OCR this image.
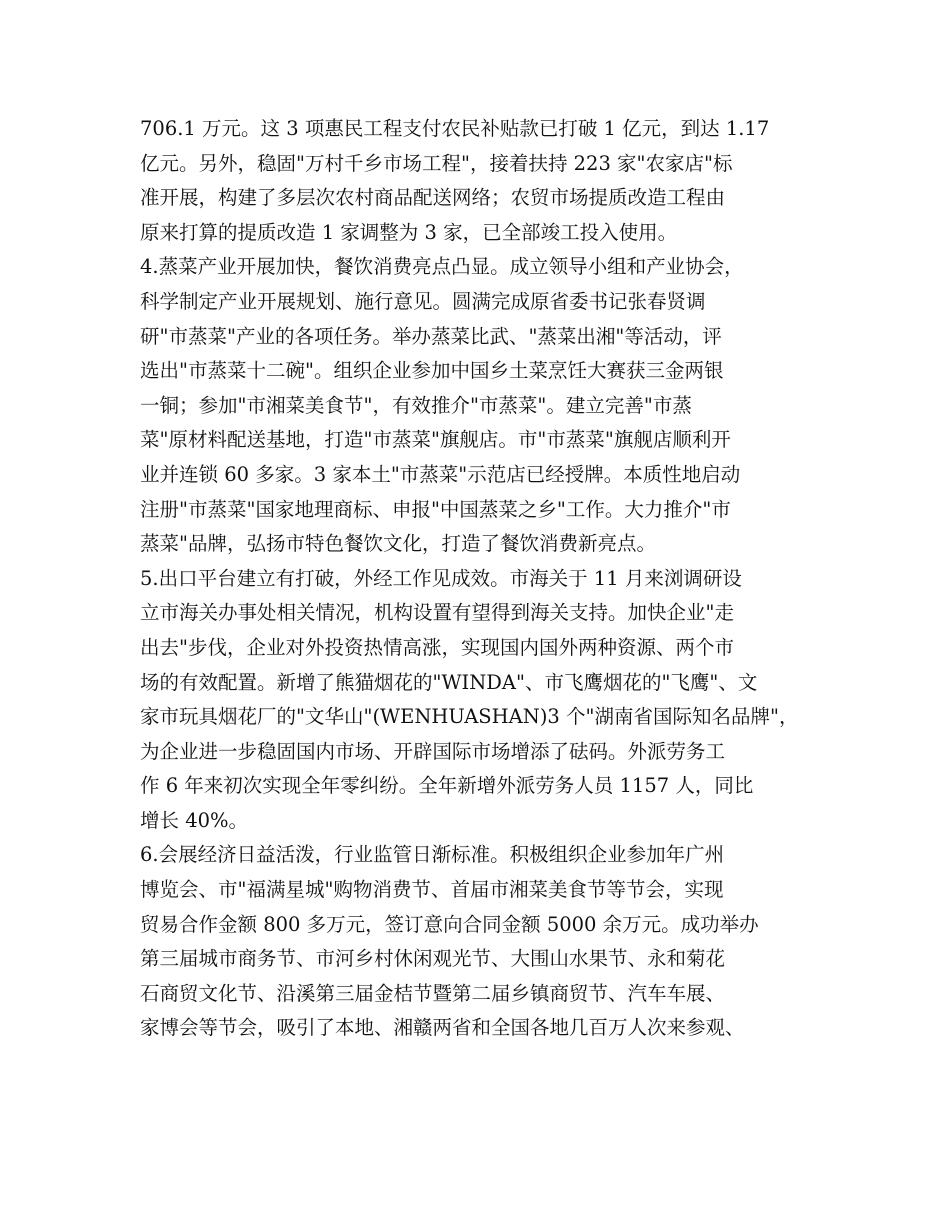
706.1 万元。这 3 项惠民工程支付农民补贴款已打破 1 亿元，到达 1.17
亿元。另外，稳固"万村千乡市场工程"，接着扶持 223 家"农家店"标
准开展，构建了多层次农村商品配送网络；农贸市场提质改造工程由
原来打算的提质改造 1 家调整为 3 家，已全部竣工投入使用。
4.蒸菜产业开展加快，餐饮消费亮点凸显。成立领导小组和产业协会，
科学制定产业开展规划、施行意见。圆满完成原省委书记张春贤调
研"市蒸菜"产业的各项任务。举办蒸菜比武、"蒸菜出湘"等活动，评
选出"市蒸菜十二碗"。组织企业参加中国乡土菜烹饪大赛获三金两银
一铜；参加"市湘菜美食节"，有效推介"市蒸菜"。建立完善"市蒸
菜"原材料配送基地，打造"市蒸菜"旗舰店。市"市蒸菜"旗舰店顺利开
业并连锁 60 多家。3 家本土"市蒸菜"示范店已经授牌。本质性地启动
注册"市蒸菜"国家地理商标、申报"中国蒸菜之乡"工作。大力推介"市
蒸菜"品牌，弘扬市特色餐饮文化，打造了餐饮消费新亮点。
5.出口平台建立有打破，外经工作见成效。市海关于 11 月来浏调研设
立市海关办事处相关情况，机构设置有望得到海关支持。加快企业"走
出去"步伐，企业对外投资热情高涨，实现国内国外两种资源、两个市
场的有效配置。新增了熊猫烟花的"WINDA"、市飞鹰烟花的"飞鹰"、文
家市玩具烟花厂的"文华山"(WENHUASHAN)3 个"湖南省国际知名品牌"，
为企业进一步稳固国内市场、开辟国际市场增添了砝码。外派劳务工
作 6 年来初次实现全年零纠纷。全年新增外派劳务人员 1157 人，同比
增长 40%。
6.会展经济日益活泼，行业监管日渐标准。积极组织企业参加年广州
博览会、市"福满星城"购物消费节、首届市湘菜美食节等节会，实现
贸易合作金额 800 多万元，签订意向合同金额 5000 余万元。成功举办
第三届城市商务节、市河乡村休闲观光节、大围山水果节、永和菊花
石商贸文化节、沿溪第三届金桔节暨第二届乡镇商贸节、汽车车展、
家博会等节会，吸引了本地、湘赣两省和全国各地几百万人次来参观、
